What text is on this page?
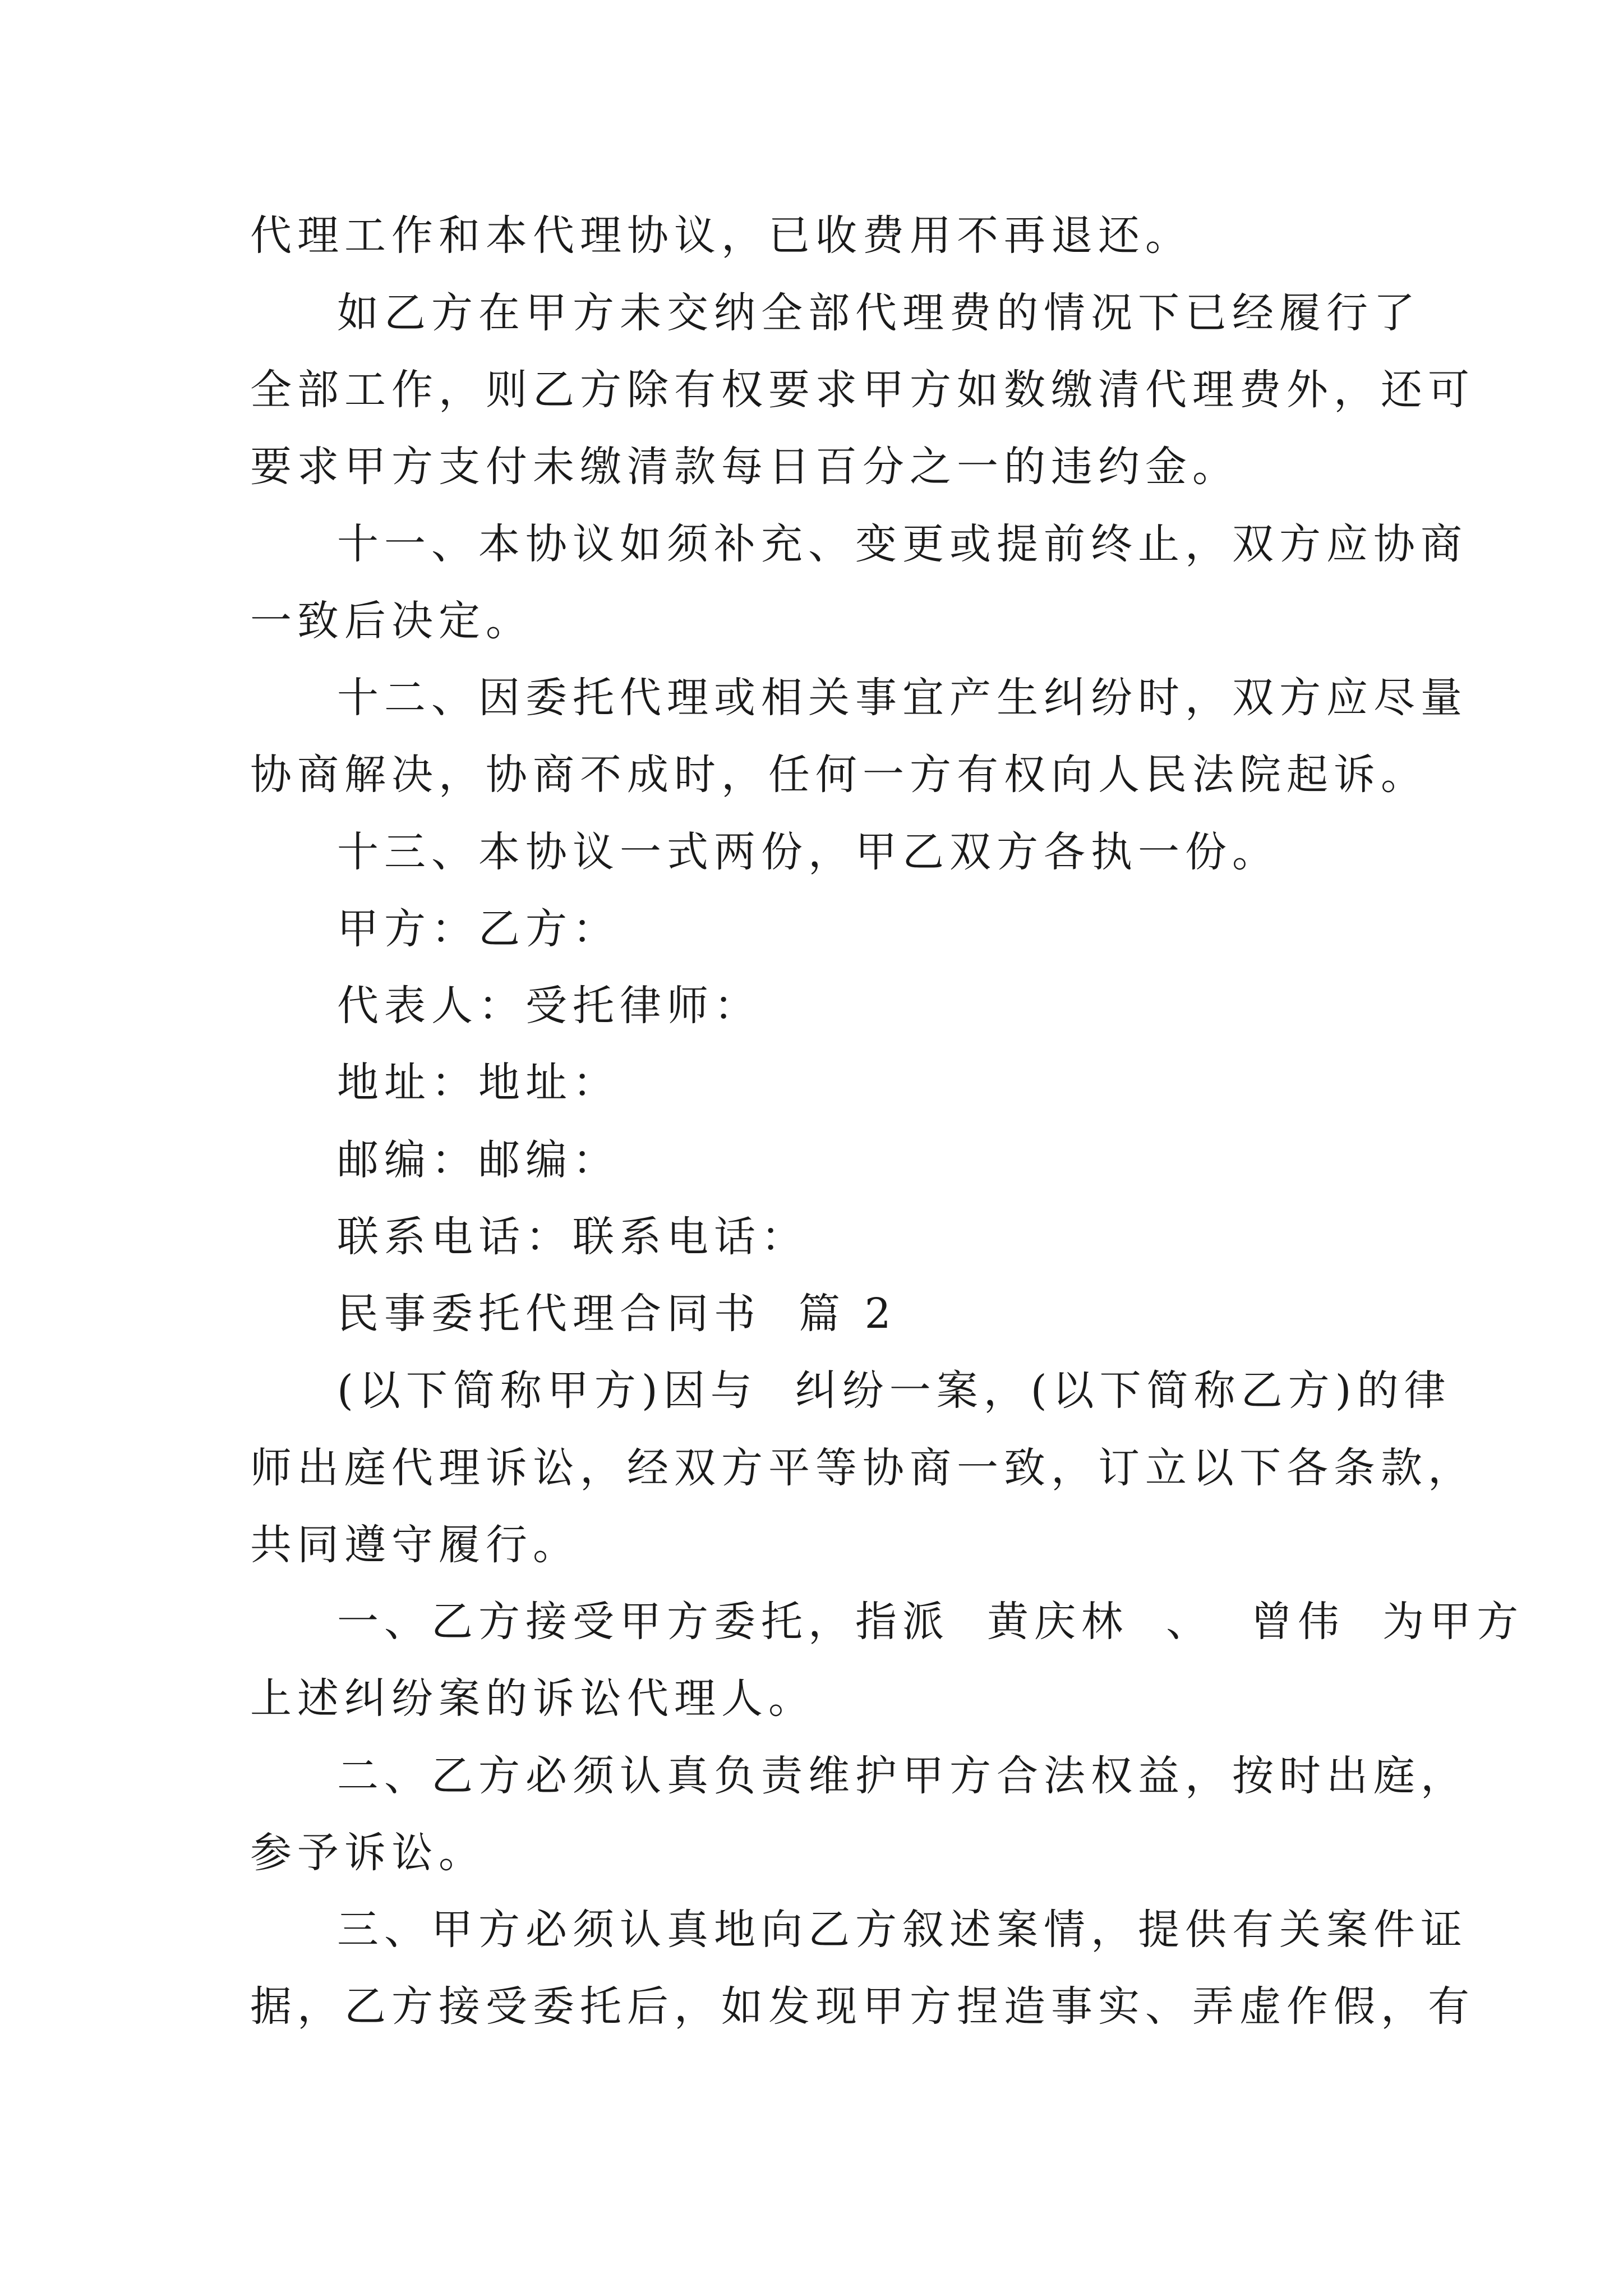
代理工作和本代理协议，已收费用不再退还。
如乙方在甲方未交纳全部代理费的情况下已经履行了
全部工作，则乙方除有权要求甲方如数缴清代理费外，还可
要求甲方支付未缴清款每日百分之一的违约金。
十一、本协议如须补充、变更或提前终止，双方应协商
一致后决定。
十二、因委托代理或相关事宜产生纠纷时，双方应尽量
协商解决，协商不成时，任何一方有权向人民法院起诉。
十三、本协议一式两份，甲乙双方各执一份。
甲方：乙方：
代表人：受托律师：
地址：地址：
邮编：邮编：
联系电话：联系电话：
民事委托代理合同书  篇 2
(以下简称甲方)因与  纠纷一案，(以下简称乙方)的律
师出庭代理诉讼，经双方平等协商一致，订立以下各条款，
共同遵守履行。
一、乙方接受甲方委托，指派  黄庆林  、  曾伟  为甲方
上述纠纷案的诉讼代理人。
二、乙方必须认真负责维护甲方合法权益，按时出庭，
参予诉讼。
三、甲方必须认真地向乙方叙述案情，提供有关案件证
据，乙方接受委托后，如发现甲方捏造事实、弄虚作假，有
